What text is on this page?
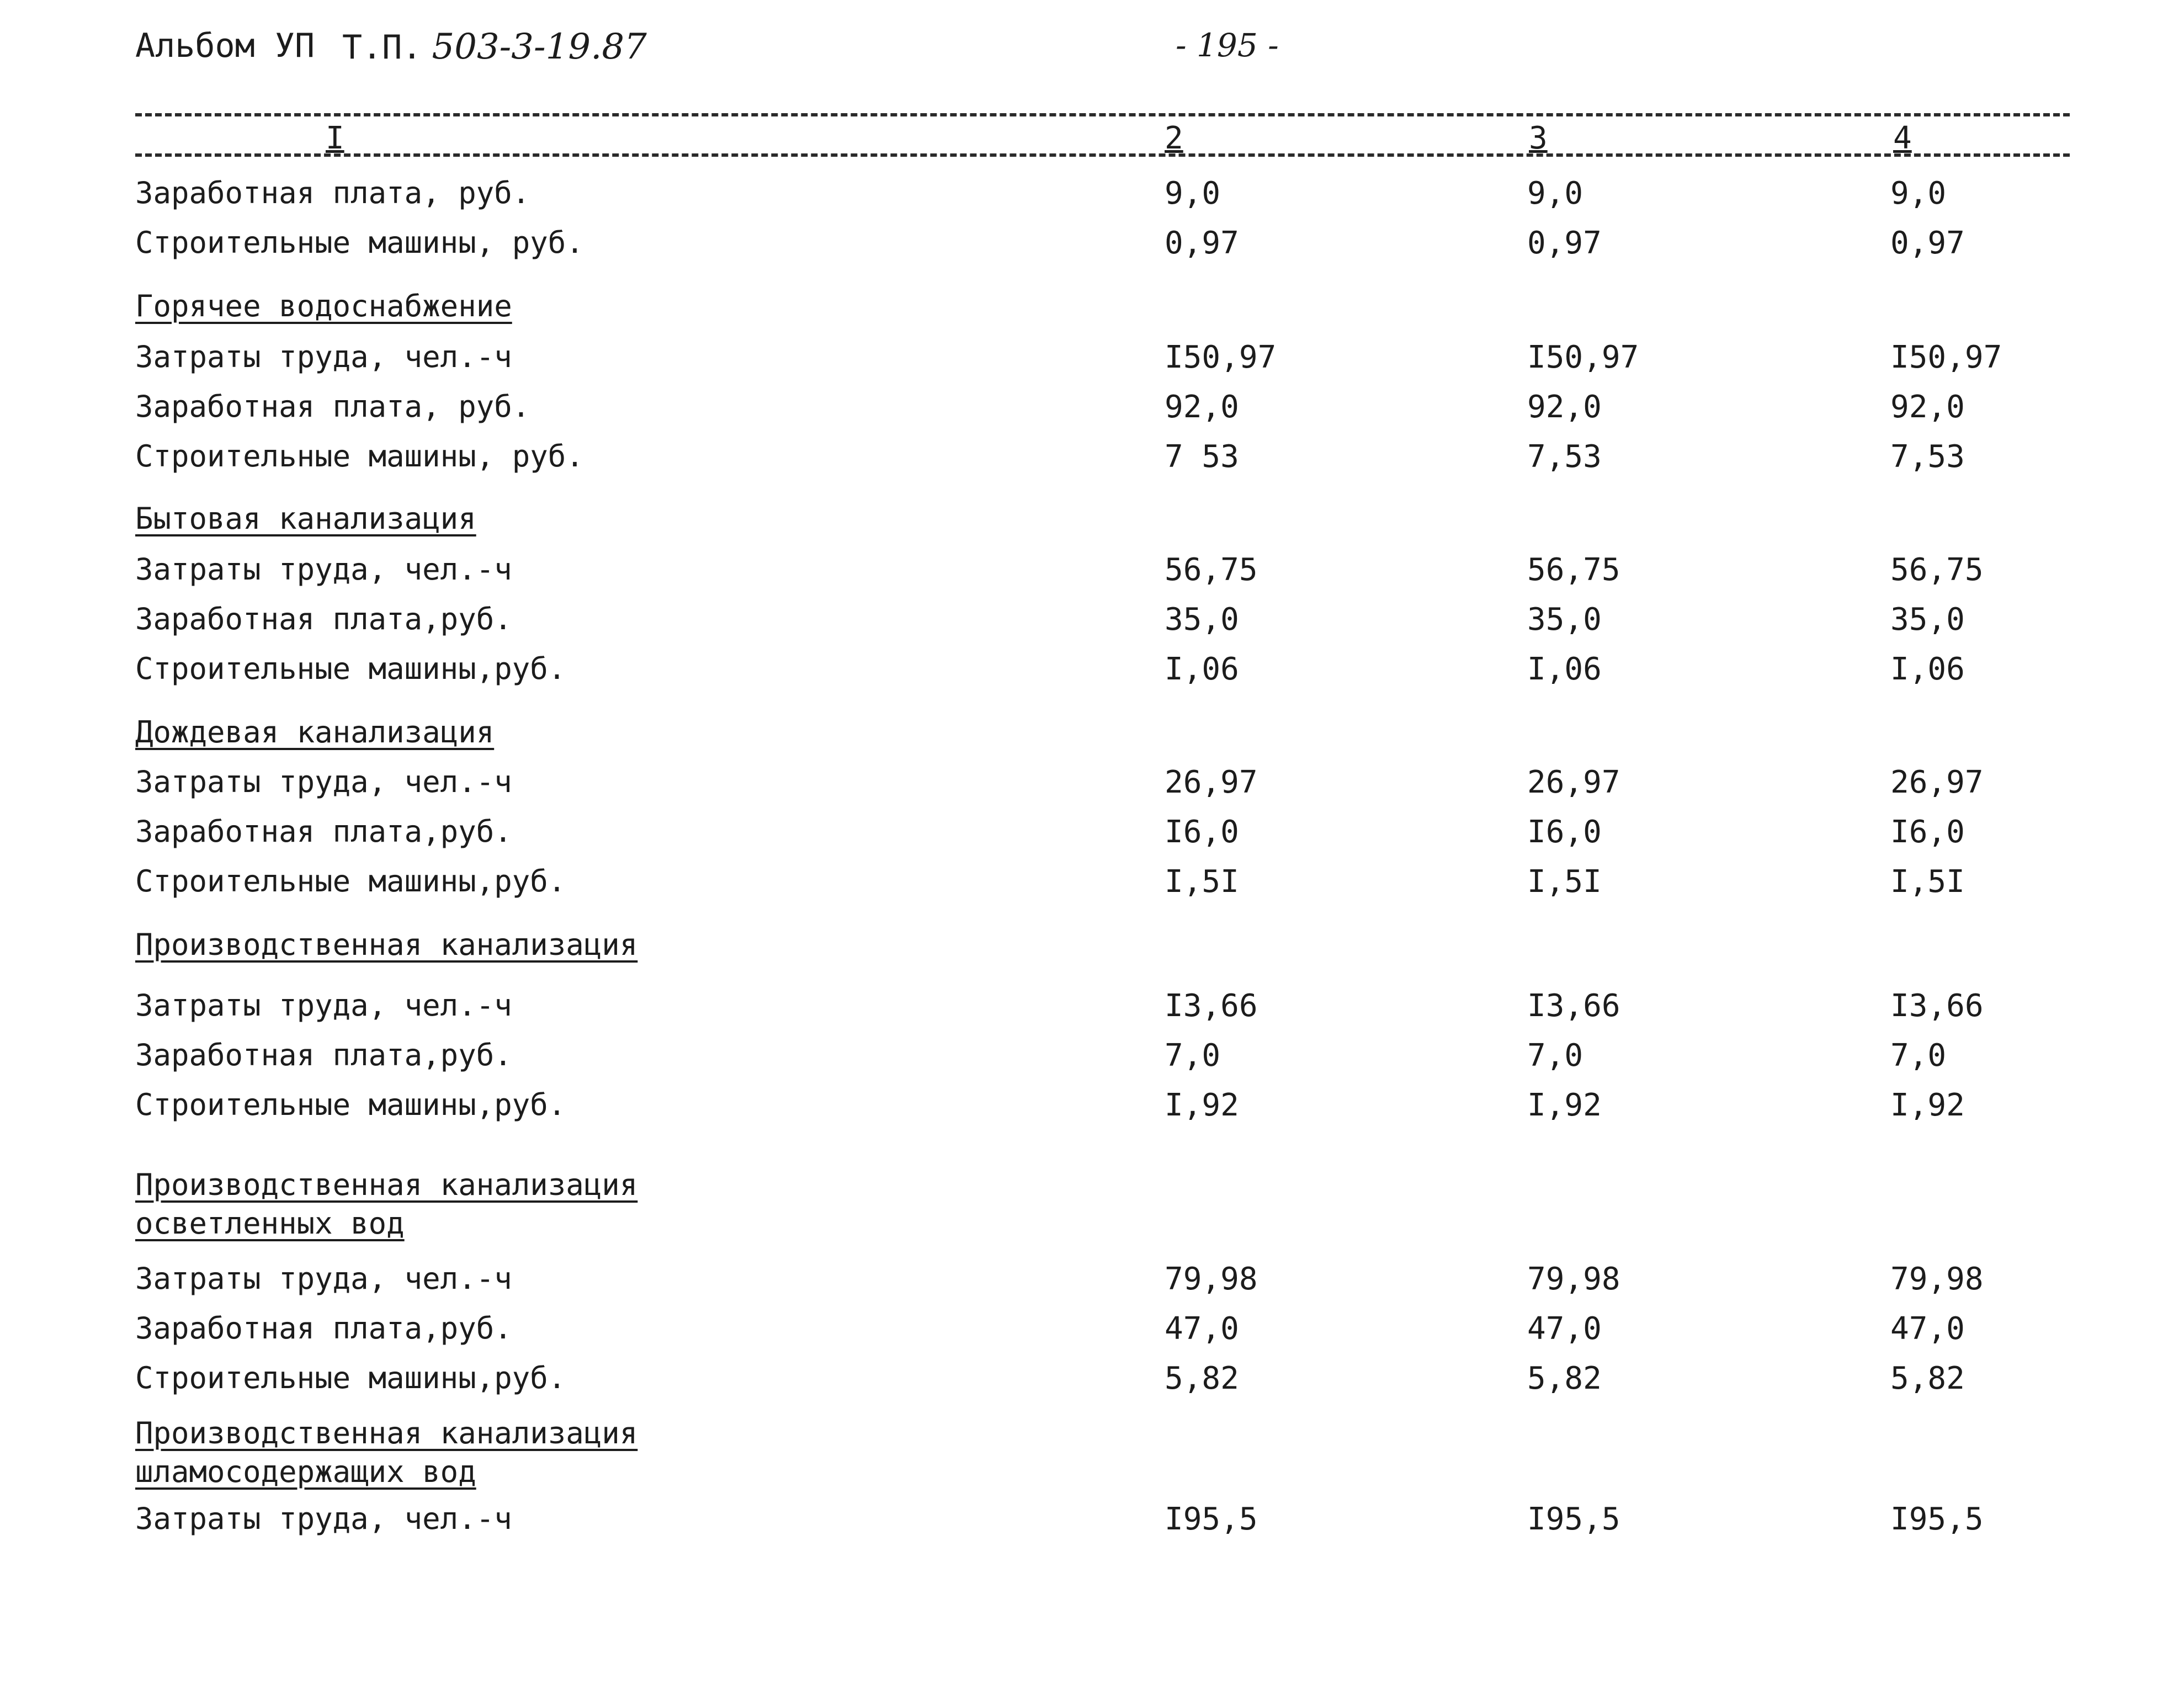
Альбом УП Т.П. 503-3-19.87	- 195 -
I	2	3	4
Заработная плата, руб.	9,0	9,0	9,0
Строительные машины, руб.	0,97	0,97	0,97
Горячее водоснабжение
Затраты труда, чел.-ч	I50,97	I50,97	I50,97
Заработная плата, руб.	92,0	92,0	92,0
Строительные машины, руб.	7 53	7,53	7,53
Бытовая канализация
Затраты труда, чел.-ч	56,75	56,75	56,75
Заработная плата,руб.	35,0	35,0	35,0
Строительные машины,руб.	I,06	I,06	I,06
Дождевая канализация
Затраты труда, чел.-ч	26,97	26,97	26,97
Заработная плата,руб.	I6,0	I6,0	I6,0
Строительные машины,руб.	I,5I	I,5I	I,5I
Производственная канализация
Затраты труда, чел.-ч	I3,66	I3,66	I3,66
Заработная плата,руб.	7,0	7,0	7,0
Строительные машины,руб.	I,92	I,92	I,92
Производственная канализация
осветленных вод
Затраты труда, чел.-ч	79,98	79,98	79,98
Заработная плата,руб.	47,0	47,0	47,0
Строительные машины,руб.	5,82	5,82	5,82
Производственная канализация
шламосодержащих вод
Затраты труда, чел.-ч	I95,5	I95,5	I95,5
